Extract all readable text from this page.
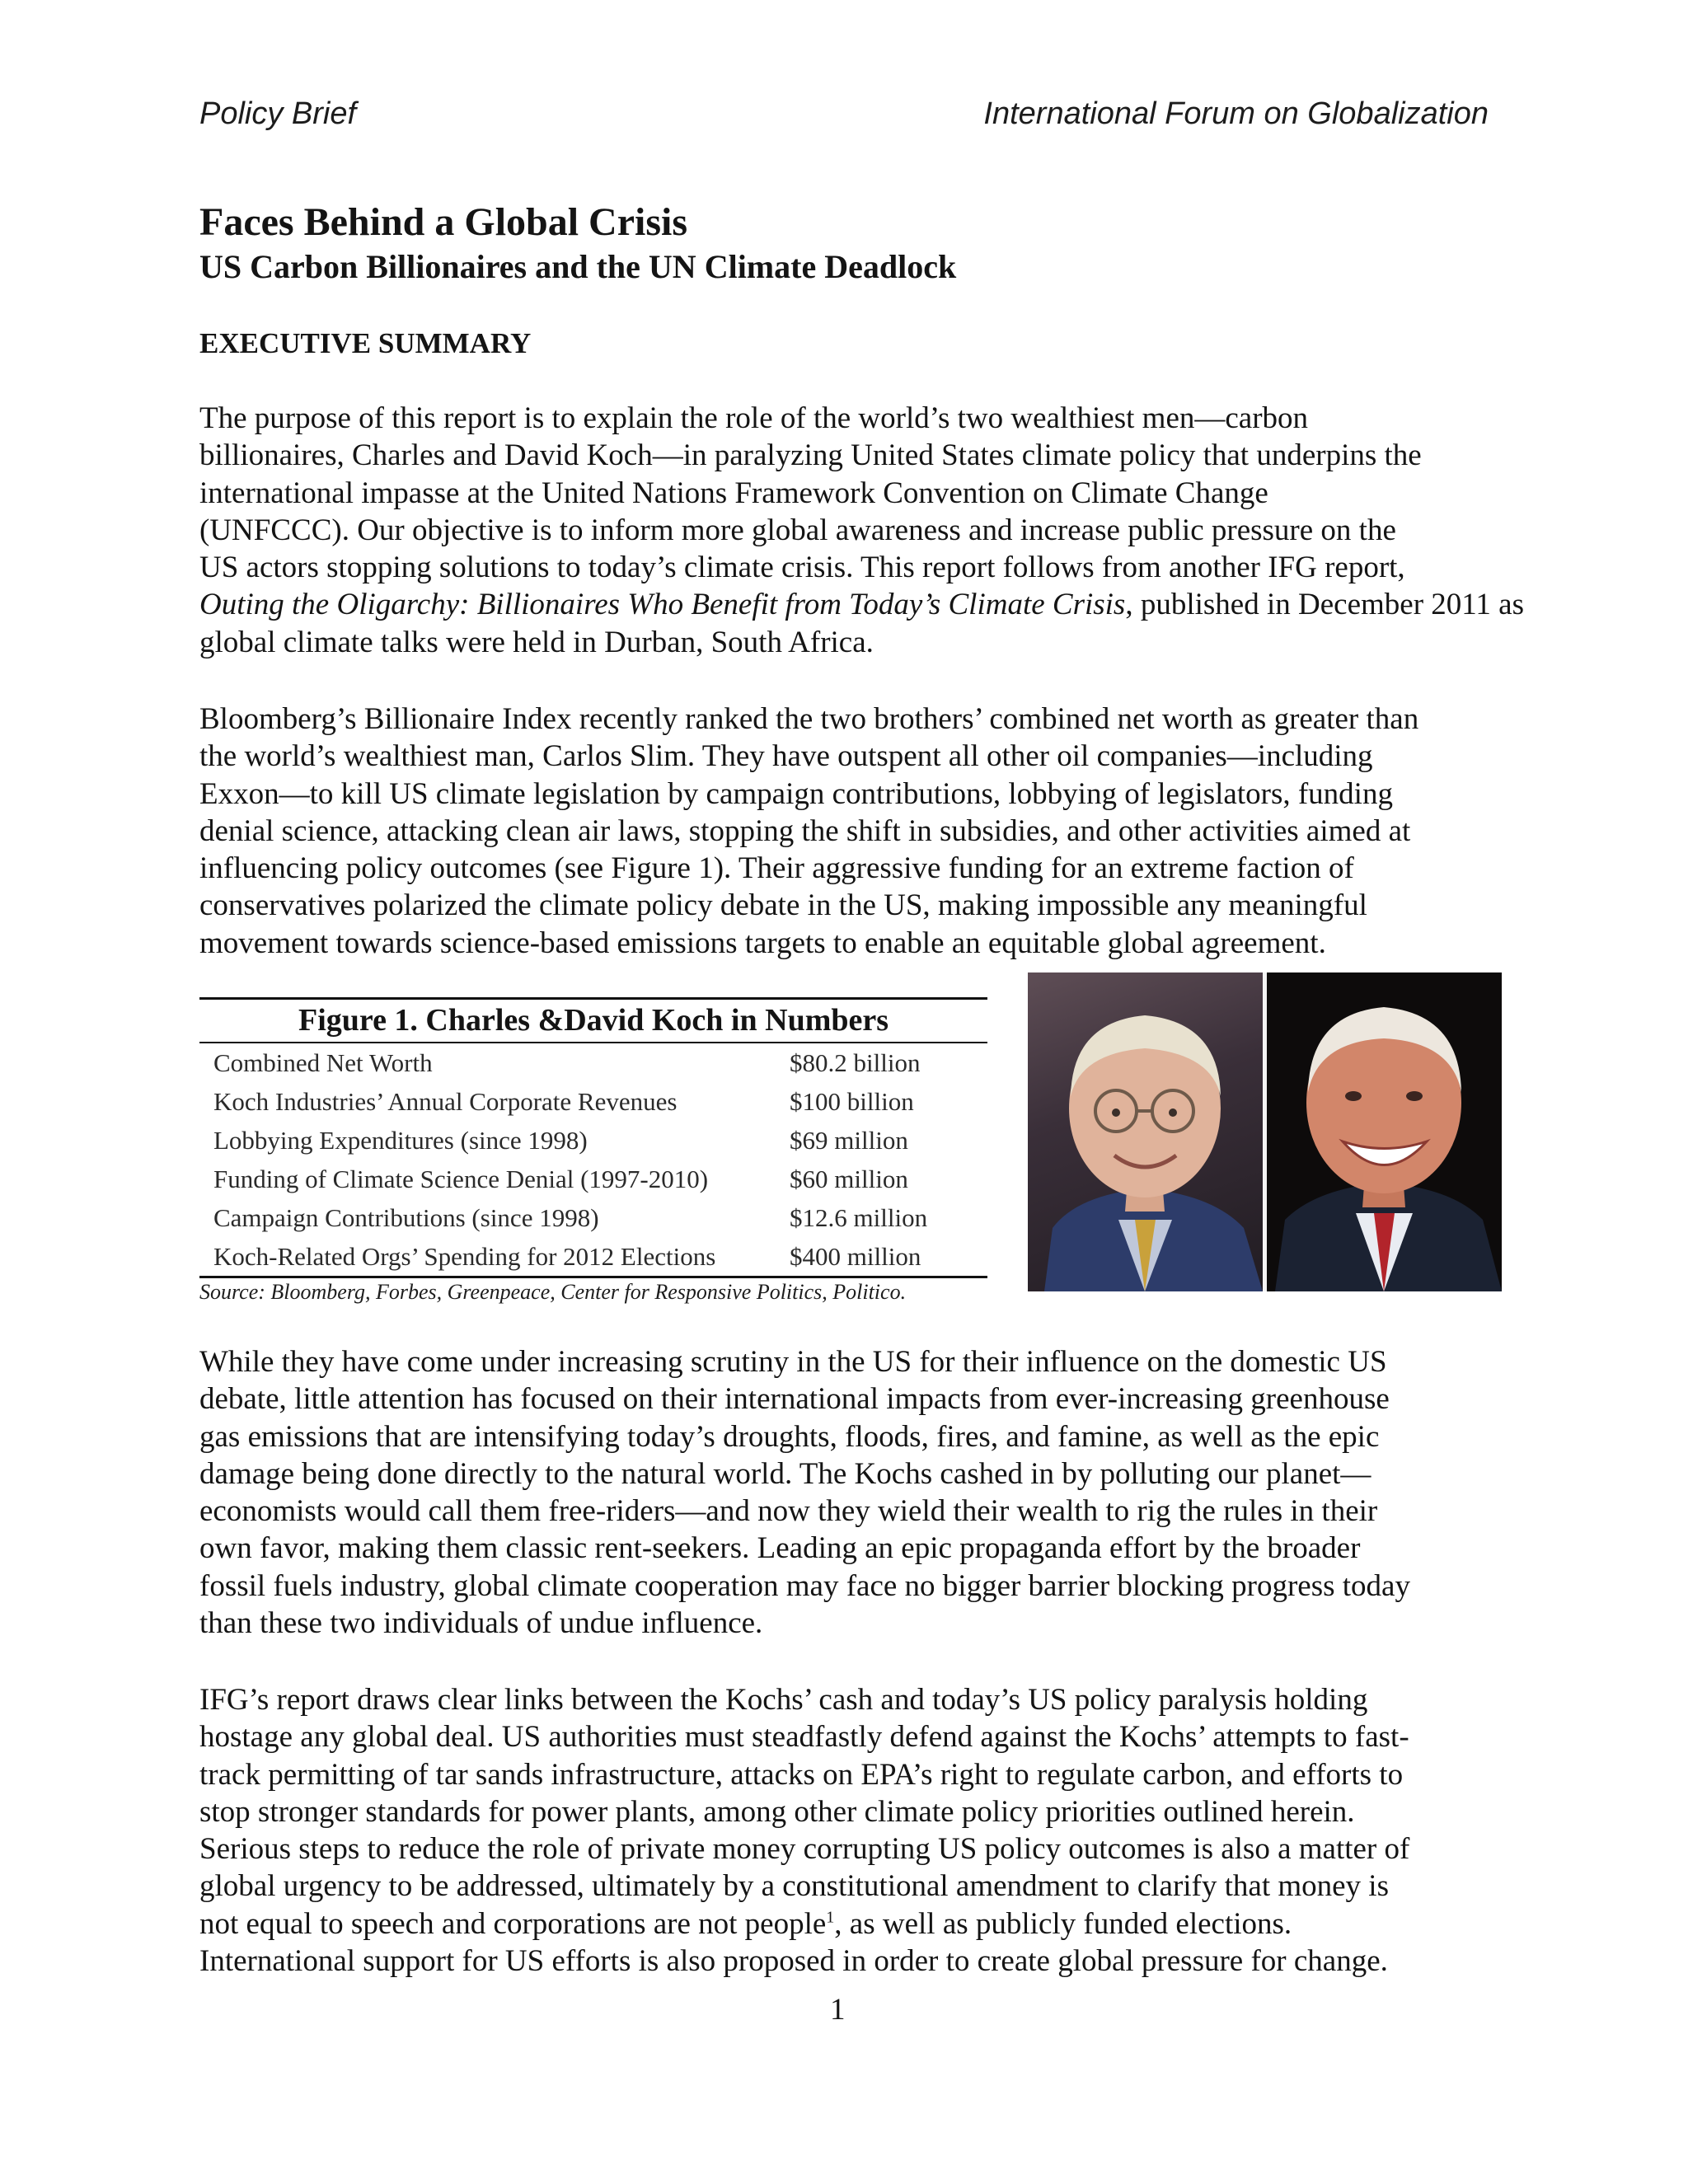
Policy Brief	International Forum on Globalization
Faces Behind a Global Crisis
US Carbon Billionaires and the UN Climate Deadlock
EXECUTIVE SUMMARY
The purpose of this report is to explain the role of the world’s two wealthiest men—carbon
billionaires, Charles and David Koch—in paralyzing United States climate policy that underpins the
international impasse at the United Nations Framework Convention on Climate Change
(UNFCCC). Our objective is to inform more global awareness and increase public pressure on the
US actors stopping solutions to today’s climate crisis. This report follows from another IFG report,
Outing the Oligarchy: Billionaires Who Benefit from Today’s Climate Crisis, published in December 2011 as
global climate talks were held in Durban, South Africa.
Bloomberg’s Billionaire Index recently ranked the two brothers’ combined net worth as greater than
the world’s wealthiest man, Carlos Slim. They have outspent all other oil companies—including
Exxon—to kill US climate legislation by campaign contributions, lobbying of legislators, funding
denial science, attacking clean air laws, stopping the shift in subsidies, and other activities aimed at
influencing policy outcomes (see Figure 1). Their aggressive funding for an extreme faction of
conservatives polarized the climate policy debate in the US, making impossible any meaningful
movement towards science-based emissions targets to enable an equitable global agreement.
Figure 1. Charles &David Koch in Numbers
Combined Net Worth	$80.2 billion
Koch Industries’ Annual Corporate Revenues	$100 billion
Lobbying Expenditures (since 1998)	$69 million
Funding of Climate Science Denial (1997-2010)	$60 million
Campaign Contributions (since 1998)	$12.6 million
Koch-Related Orgs’ Spending for 2012 Elections	$400 million
Source: Bloomberg, Forbes, Greenpeace, Center for Responsive Politics, Politico.
While they have come under increasing scrutiny in the US for their influence on the domestic US
debate, little attention has focused on their international impacts from ever-increasing greenhouse
gas emissions that are intensifying today’s droughts, floods, fires, and famine, as well as the epic
damage being done directly to the natural world. The Kochs cashed in by polluting our planet—
economists would call them free-riders—and now they wield their wealth to rig the rules in their
own favor, making them classic rent-seekers. Leading an epic propaganda effort by the broader
fossil fuels industry, global climate cooperation may face no bigger barrier blocking progress today
than these two individuals of undue influence.
IFG’s report draws clear links between the Kochs’ cash and today’s US policy paralysis holding
hostage any global deal. US authorities must steadfastly defend against the Kochs’ attempts to fast-
track permitting of tar sands infrastructure, attacks on EPA’s right to regulate carbon, and efforts to
stop stronger standards for power plants, among other climate policy priorities outlined herein.
Serious steps to reduce the role of private money corrupting US policy outcomes is also a matter of
global urgency to be addressed, ultimately by a constitutional amendment to clarify that money is
not equal to speech and corporations are not people$^1$, as well as publicly funded elections.
International support for US efforts is also proposed in order to create global pressure for change.
1
